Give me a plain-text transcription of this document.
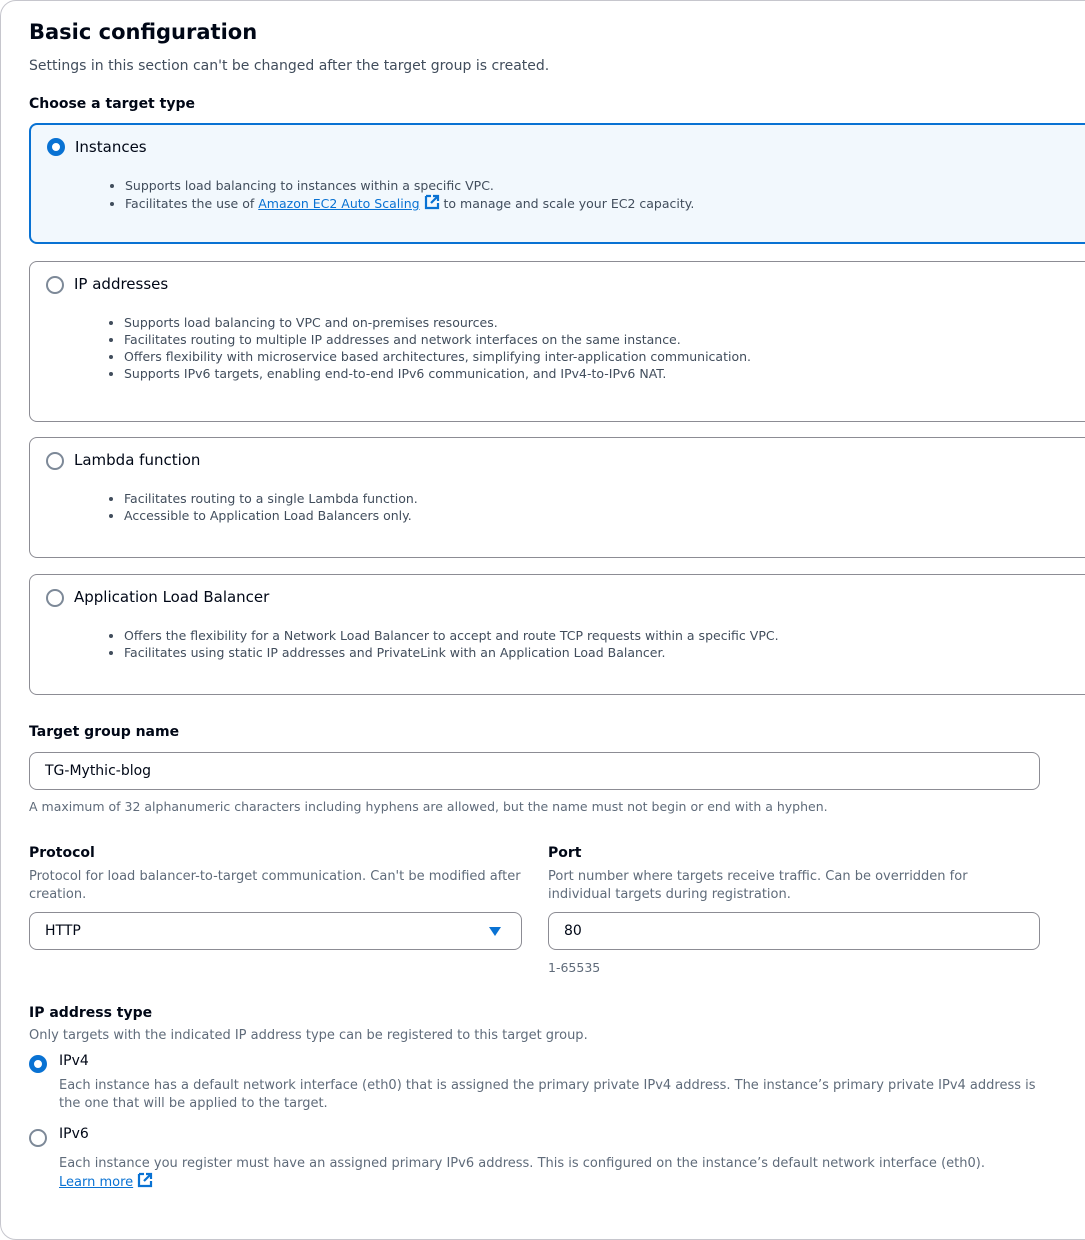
Basic configuration
Settings in this section can't be changed after the target group is created.
Choose a target type
Instances
• Supports load balancing to instances within a specific VPC.
• Facilitates the use of Amazon EC2 Auto Scaling to manage and scale your EC2 capacity.
IP addresses
• Supports load balancing to VPC and on-premises resources.
• Facilitates routing to multiple IP addresses and network interfaces on the same instance.
• Offers flexibility with microservice based architectures, simplifying inter-application communication.
• Supports IPv6 targets, enabling end-to-end IPv6 communication, and IPv4-to-IPv6 NAT.
Lambda function
• Facilitates routing to a single Lambda function.
• Accessible to Application Load Balancers only.
Application Load Balancer
• Offers the flexibility for a Network Load Balancer to accept and route TCP requests within a specific VPC.
• Facilitates using static IP addresses and PrivateLink with an Application Load Balancer.
Target group name
TG-Mythic-blog
A maximum of 32 alphanumeric characters including hyphens are allowed, but the name must not begin or end with a hyphen.
Protocol
Protocol for load balancer-to-target communication. Can't be modified after creation.
HTTP
Port
Port number where targets receive traffic. Can be overridden for individual targets during registration.
80
1-65535
IP address type
Only targets with the indicated IP address type can be registered to this target group.
IPv4
Each instance has a default network interface (eth0) that is assigned the primary private IPv4 address. The instance’s primary private IPv4 address is the one that will be applied to the target.
IPv6
Each instance you register must have an assigned primary IPv6 address. This is configured on the instance’s default network interface (eth0).
Learn more
